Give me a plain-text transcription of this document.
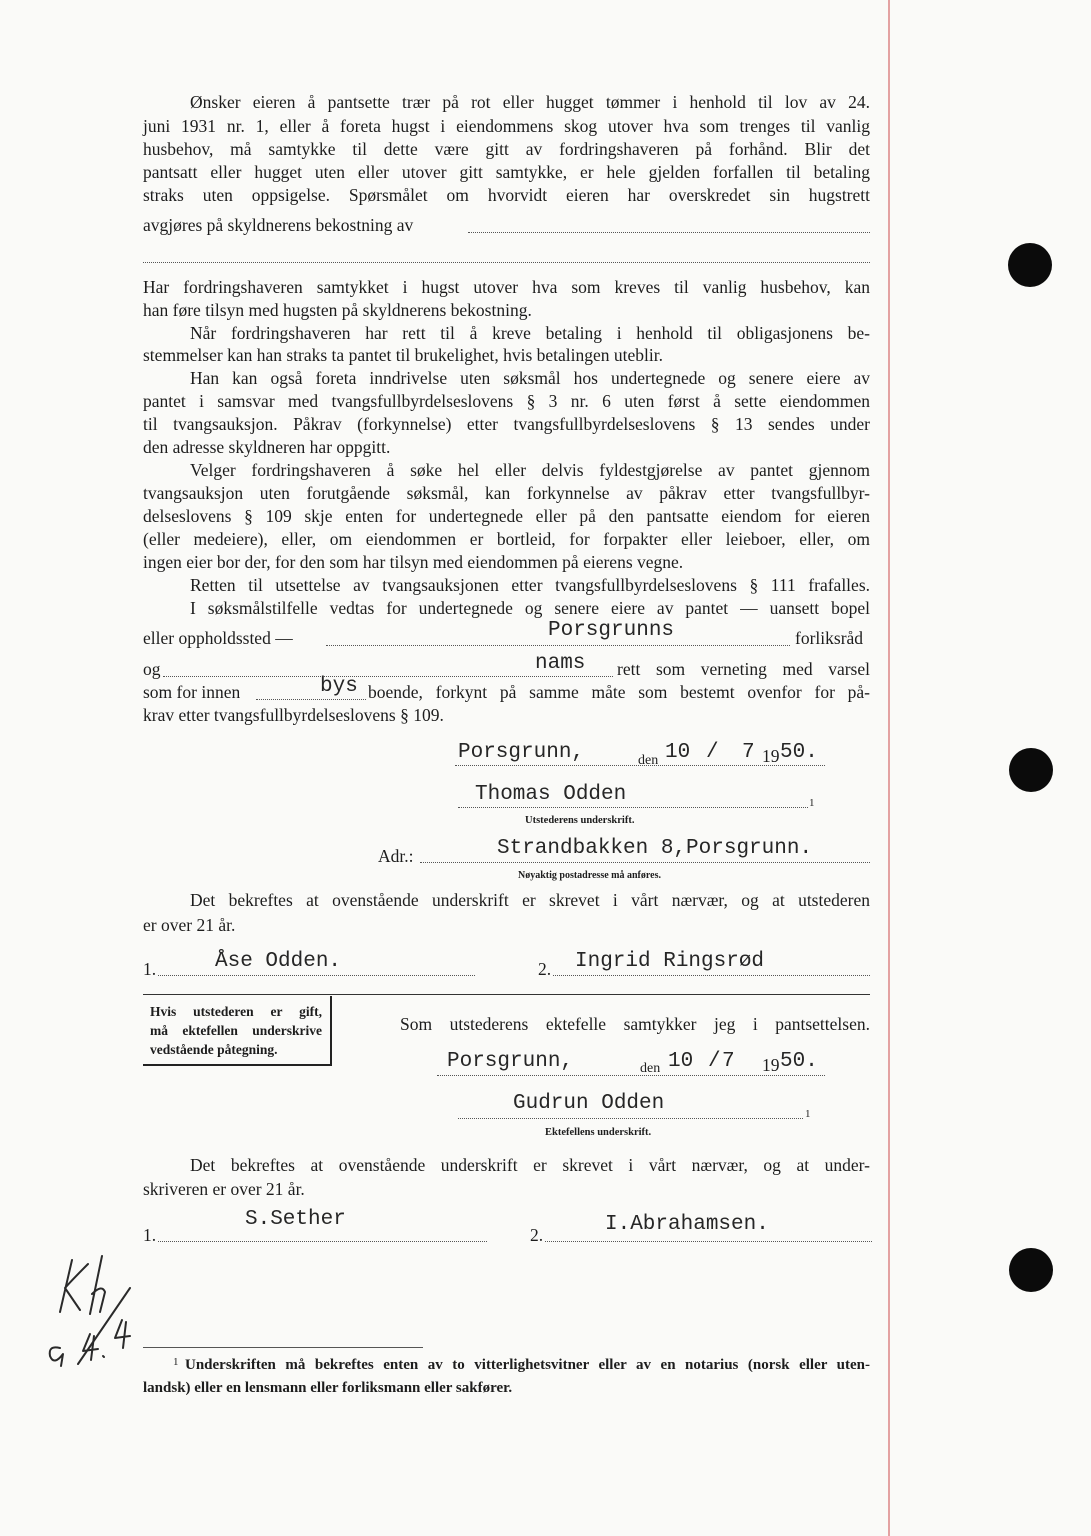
Ønsker eieren å pantsette trær på rot eller hugget tømmer i henhold til lov av 24.
juni 1931 nr. 1, eller å foreta hugst i eiendommens skog utover hva som trenges til vanlig
husbehov, må samtykke til dette være gitt av fordringshaveren på forhånd. Blir det
pantsatt eller hugget uten eller utover gitt samtykke, er hele gjelden forfallen til betaling
straks uten oppsigelse. Spørsmålet om hvorvidt eieren har overskredet sin hugstrett
avgjøres på skyldnerens bekostning av
Har fordringshaveren samtykket i hugst utover hva som kreves til vanlig husbehov, kan
han føre tilsyn med hugsten på skyldnerens bekostning.
Når fordringshaveren har rett til å kreve betaling i henhold til obligasjonens be-
stemmelser kan han straks ta pantet til brukelighet, hvis betalingen uteblir.
Han kan også foreta inndrivelse uten søksmål hos undertegnede og senere eiere av
pantet i samsvar med tvangsfullbyrdelseslovens § 3 nr. 6 uten først å sette eiendommen
til tvangsauksjon. Påkrav (forkynnelse) etter tvangsfullbyrdelseslovens § 13 sendes under
den adresse skyldneren har oppgitt.
Velger fordringshaveren å søke hel eller delvis fyldestgjørelse av pantet gjennom
tvangsauksjon uten forutgående søksmål, kan forkynnelse av påkrav etter tvangsfullbyr-
delseslovens § 109 skje enten for undertegnede eller på den pantsatte eiendom for eieren
(eller medeiere), eller, om eiendommen er bortleid, for forpakter eller leieboer, eller, om
ingen eier bor der, for den som har tilsyn med eiendommen på eierens vegne.
Retten til utsettelse av tvangsauksjonen etter tvangsfullbyrdelseslovens § 111 frafalles.
I søksmålstilfelle vedtas for undertegnede og senere eiere av pantet — uansett bopel
eller oppholdssted —	Porsgrunns	forliksråd
og	nams rett som verneting med varsel
som for innen	bys boende, forkynt på samme måte som bestemt ovenfor for på-
krav etter tvangsfullbyrdelseslovens § 109.
Porsgrunn,	den 10 / 7 19 50.
Thomas Odden	1
Utstederens underskrift.
Adr.:	Strandbakken 8,Porsgrunn.
Nøyaktig postadresse må anføres.
Det bekreftes at ovenstående underskrift er skrevet i vårt nærvær, og at utstederen
er over 21 år.
1.	Åse Odden.	2. Ingrid Ringsrød
Hvis utstederen er gift,
må ektefellen underskrive
vedstående påtegning.
Som utstederens ektefelle samtykker jeg i pantsettelsen.
Porsgrunn,	den 10 / 7 19 50.
Gudrun Odden	1
Ektefellens underskrift.
Det bekreftes at ovenstående underskrift er skrevet i vårt nærvær, og at under-
skriveren er over 21 år.
1.
S.Sether
2.	I.Abrahamsen.
1 Underskriften må bekreftes enten av to vitterlighetsvitner eller av en notarius (norsk eller uten-
landsk) eller en lensmann eller forliksmann eller sakfører.
